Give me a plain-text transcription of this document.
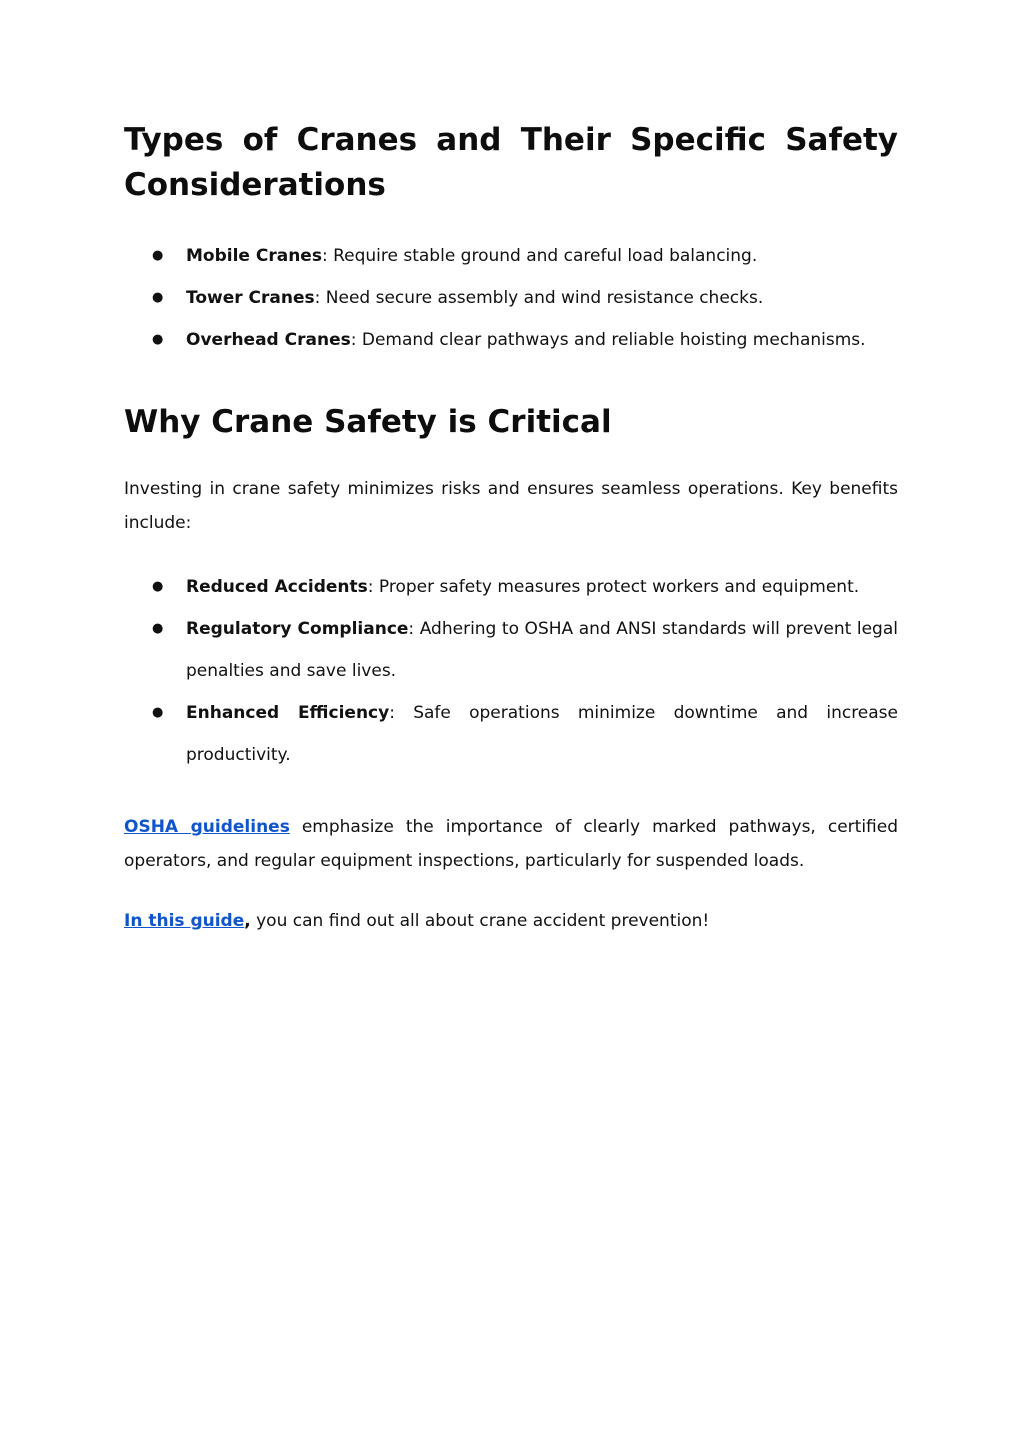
Types of Cranes and Their Specific Safety Considerations
● Mobile Cranes: Require stable ground and careful load balancing.
● Tower Cranes: Need secure assembly and wind resistance checks.
● Overhead Cranes: Demand clear pathways and reliable hoisting mechanisms.
Why Crane Safety is Critical

Investing in crane safety minimizes risks and ensures seamless operations. Key benefits include:

● Reduced Accidents: Proper safety measures protect workers and equipment.
● Regulatory Compliance: Adhering to OSHA and ANSI standards will prevent legal penalties and save lives.
● Enhanced Efficiency: Safe operations minimize downtime and increase productivity.

OSHA guidelines emphasize the importance of clearly marked pathways, certified operators, and regular equipment inspections, particularly for suspended loads.

In this guide, you can find out all about crane accident prevention!
